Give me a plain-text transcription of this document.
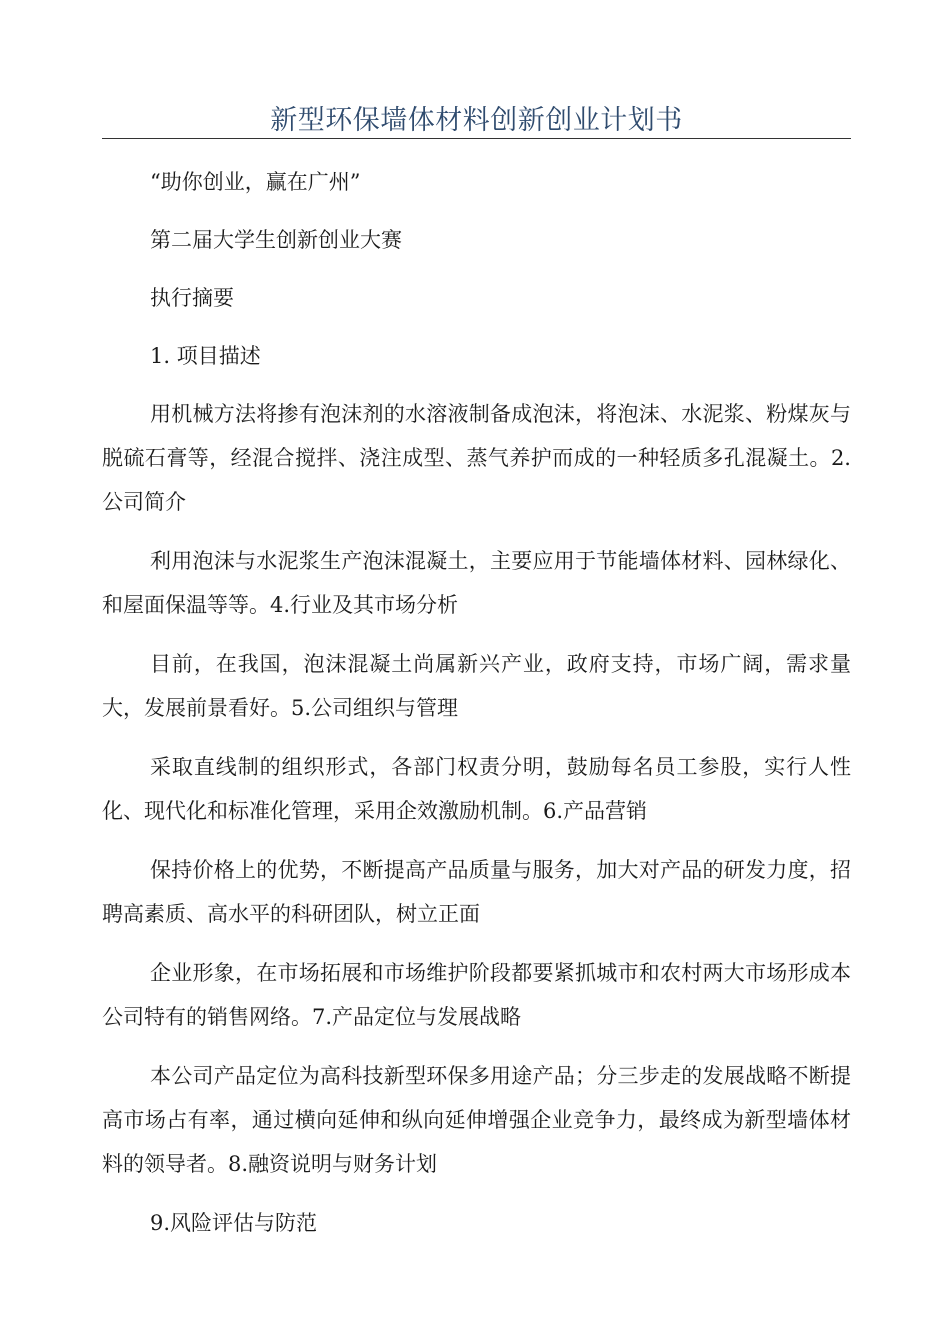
新型环保墙体材料创新创业计划书

“助你创业，赢在广州”

第二届大学生创新创业大赛

执行摘要

1. 项目描述

用机械方法将掺有泡沫剂的水溶液制备成泡沫，将泡沫、水泥浆、粉煤灰与脱硫石膏等，经混合搅拌、浇注成型、蒸气养护而成的一种轻质多孔混凝土。2.公司简介

利用泡沫与水泥浆生产泡沫混凝土，主要应用于节能墙体材料、园林绿化、和屋面保温等等。4.行业及其市场分析

目前，在我国，泡沫混凝土尚属新兴产业，政府支持，市场广阔，需求量大，发展前景看好。5.公司组织与管理

采取直线制的组织形式，各部门权责分明，鼓励每名员工参股，实行人性化、现代化和标准化管理，采用企效激励机制。6.产品营销

保持价格上的优势，不断提高产品质量与服务，加大对产品的研发力度，招聘高素质、高水平的科研团队，树立正面

企业形象，在市场拓展和市场维护阶段都要紧抓城市和农村两大市场形成本公司特有的销售网络。7.产品定位与发展战略

本公司产品定位为高科技新型环保多用途产品；分三步走的发展战略不断提高市场占有率，通过横向延伸和纵向延伸增强企业竞争力，最终成为新型墙体材料的领导者。8.融资说明与财务计划

9.风险评估与防范
